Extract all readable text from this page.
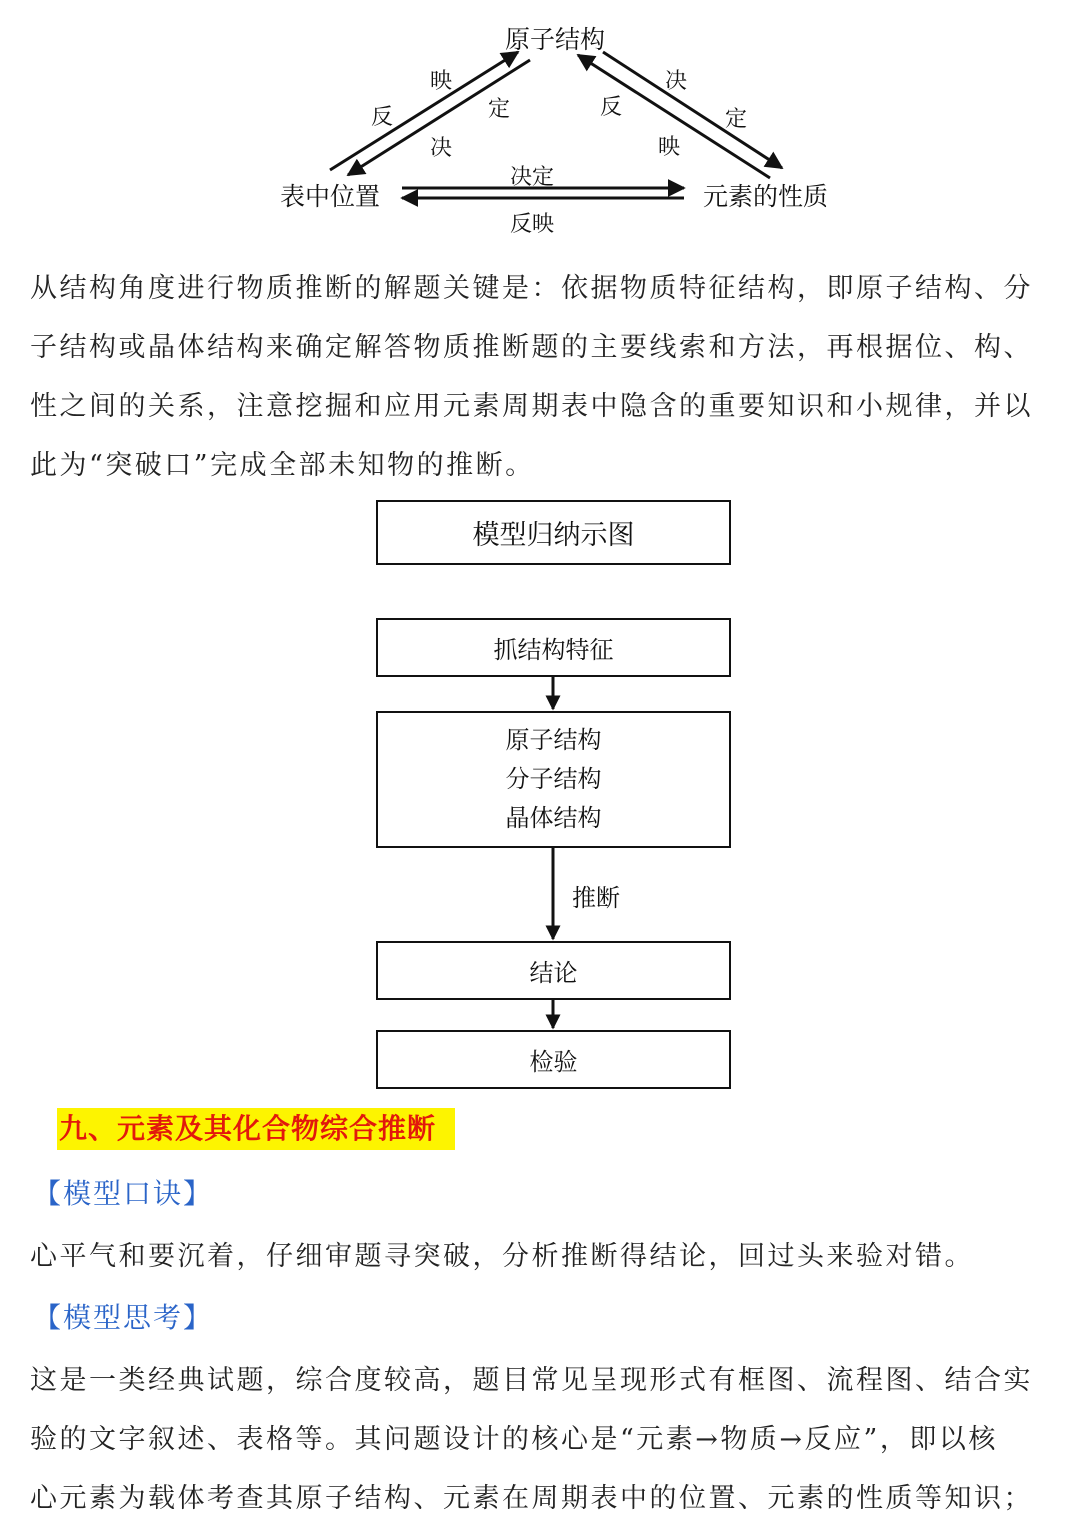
原子结构
表中位置	元素的性质
反
映
定
决
决
定
反
映
决定
反映

从结构角度进行物质推断的解题关键是：依据物质特征结构，即原子结构、分

子结构或晶体结构来确定解答物质推断题的主要线索和方法，再根据位、构、

性之间的关系，注意挖掘和应用元素周期表中隐含的重要知识和小规律，并以

此为“突破口”完成全部未知物的推断。

模型归纳示图
抓结构特征
原子结构
分子结构
晶体结构
结论
检验
推断
九、元素及其化合物综合推断
【模型口诀】

心平气和要沉着，仔细审题寻突破，分析推断得结论，回过头来验对错。

【模型思考】

这是一类经典试题，综合度较高，题目常见呈现形式有框图、流程图、结合实

验的文字叙述、表格等。其问题设计的核心是“元素→物质→反应”，即以核

心元素为载体考查其原子结构、元素在周期表中的位置、元素的性质等知识；
